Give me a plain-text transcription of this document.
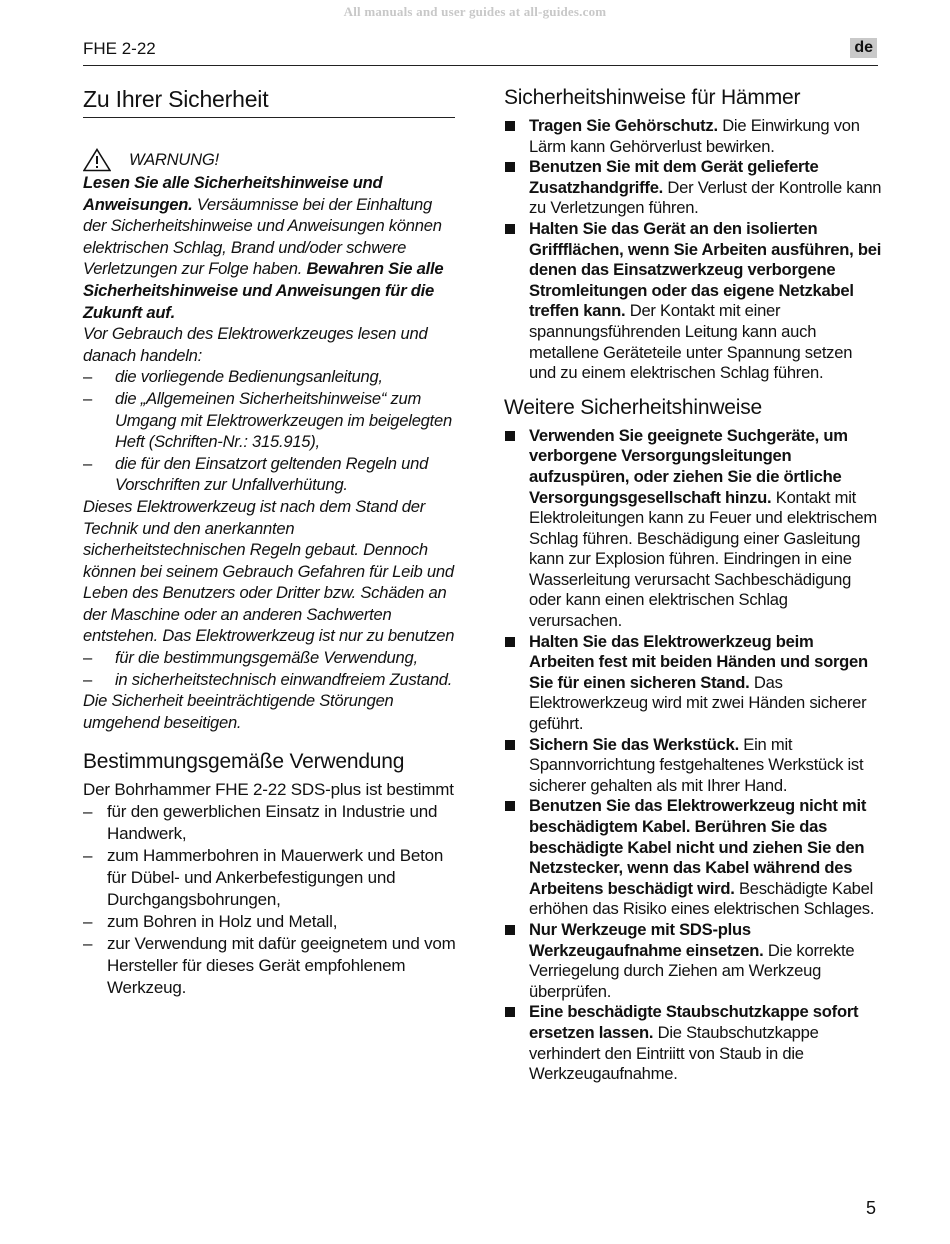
All manuals and user guides at all-guides.com
FHE 2-22	de
Zu Ihrer Sicherheit
WARNUNG!

Lesen Sie alle Sicherheitshinweise und Anweisungen. Versäumnisse bei der Einhaltung der Sicherheitshinweise und Anweisungen können elektrischen Schlag, Brand und/oder schwere Verletzungen zur Folge haben. Bewahren Sie alle Sicherheitshinweise und Anweisungen für die Zukunft auf.

Vor Gebrauch des Elektrowerkzeuges lesen und danach handeln:

–	die vorliegende Bedienungsanleitung,
–	die „Allgemeinen Sicherheitshinweise“ zum Umgang mit Elektrowerkzeugen im beigelegten Heft (Schriften-Nr.: 315.915),
–	die für den Einsatzort geltenden Regeln und Vorschriften zur Unfallverhütung.

Dieses Elektrowerkzeug ist nach dem Stand der Technik und den anerkannten sicherheitstechnischen Regeln gebaut. Dennoch können bei seinem Gebrauch Gefahren für Leib und Leben des Benutzers oder Dritter bzw. Schäden an der Maschine oder an anderen Sachwerten entstehen. Das Elektrowerkzeug ist nur zu benutzen

–	für die bestimmungsgemäße Verwendung,
–	in sicherheitstechnisch einwandfreiem Zustand.

Die Sicherheit beeinträchtigende Störungen umgehend beseitigen.

Bestimmungsgemäße Verwendung

Der Bohrhammer FHE 2-22 SDS-plus ist bestimmt

– für den gewerblichen Einsatz in Industrie und Handwerk,
– zum Hammerbohren in Mauerwerk und Beton für Dübel- und Ankerbefestigungen und Durchgangsbohrungen,
– zum Bohren in Holz und Metall,
– zur Verwendung mit dafür geeignetem und vom Hersteller für dieses Gerät empfohlenem Werkzeug.
Sicherheitshinweise für Hämmer
Tragen Sie Gehörschutz. Die Einwirkung von Lärm kann Gehörverlust bewirken.
Benutzen Sie mit dem Gerät gelieferte Zusatzhandgriffe. Der Verlust der Kontrolle kann zu Verletzungen führen.
Halten Sie das Gerät an den isolierten Griffflächen, wenn Sie Arbeiten ausführen, bei denen das Einsatzwerkzeug verborgene Stromleitungen oder das eigene Netzkabel treffen kann. Der Kontakt mit einer spannungsführenden Leitung kann auch metallene Geräteteile unter Spannung setzen und zu einem elektrischen Schlag führen.
Weitere Sicherheitshinweise
Verwenden Sie geeignete Suchgeräte, um verborgene Versorgungsleitungen aufzuspüren, oder ziehen Sie die örtliche Versorgungsgesellschaft hinzu. Kontakt mit Elektroleitungen kann zu Feuer und elektrischem Schlag führen. Beschädigung einer Gasleitung kann zur Explosion führen. Eindringen in eine Wasserleitung verursacht Sachbeschädigung oder kann einen elektrischen Schlag verursachen.
Halten Sie das Elektrowerkzeug beim Arbeiten fest mit beiden Händen und sorgen Sie für einen sicheren Stand. Das Elektrowerkzeug wird mit zwei Händen sicherer geführt.
Sichern Sie das Werkstück. Ein mit Spannvorrichtung festgehaltenes Werkstück ist sicherer gehalten als mit Ihrer Hand.
Benutzen Sie das Elektrowerkzeug nicht mit beschädigtem Kabel. Berühren Sie das beschädigte Kabel nicht und ziehen Sie den Netzstecker, wenn das Kabel während des Arbeitens beschädigt wird. Beschädigte Kabel erhöhen das Risiko eines elektrischen Schlages.
Nur Werkzeuge mit SDS-plus Werkzeugaufnahme einsetzen. Die korrekte Verriegelung durch Ziehen am Werkzeug überprüfen.
Eine beschädigte Staubschutzkappe sofort ersetzen lassen. Die Staubschutzkappe verhindert den Eintriitt von Staub in die Werkzeugaufnahme.
5
